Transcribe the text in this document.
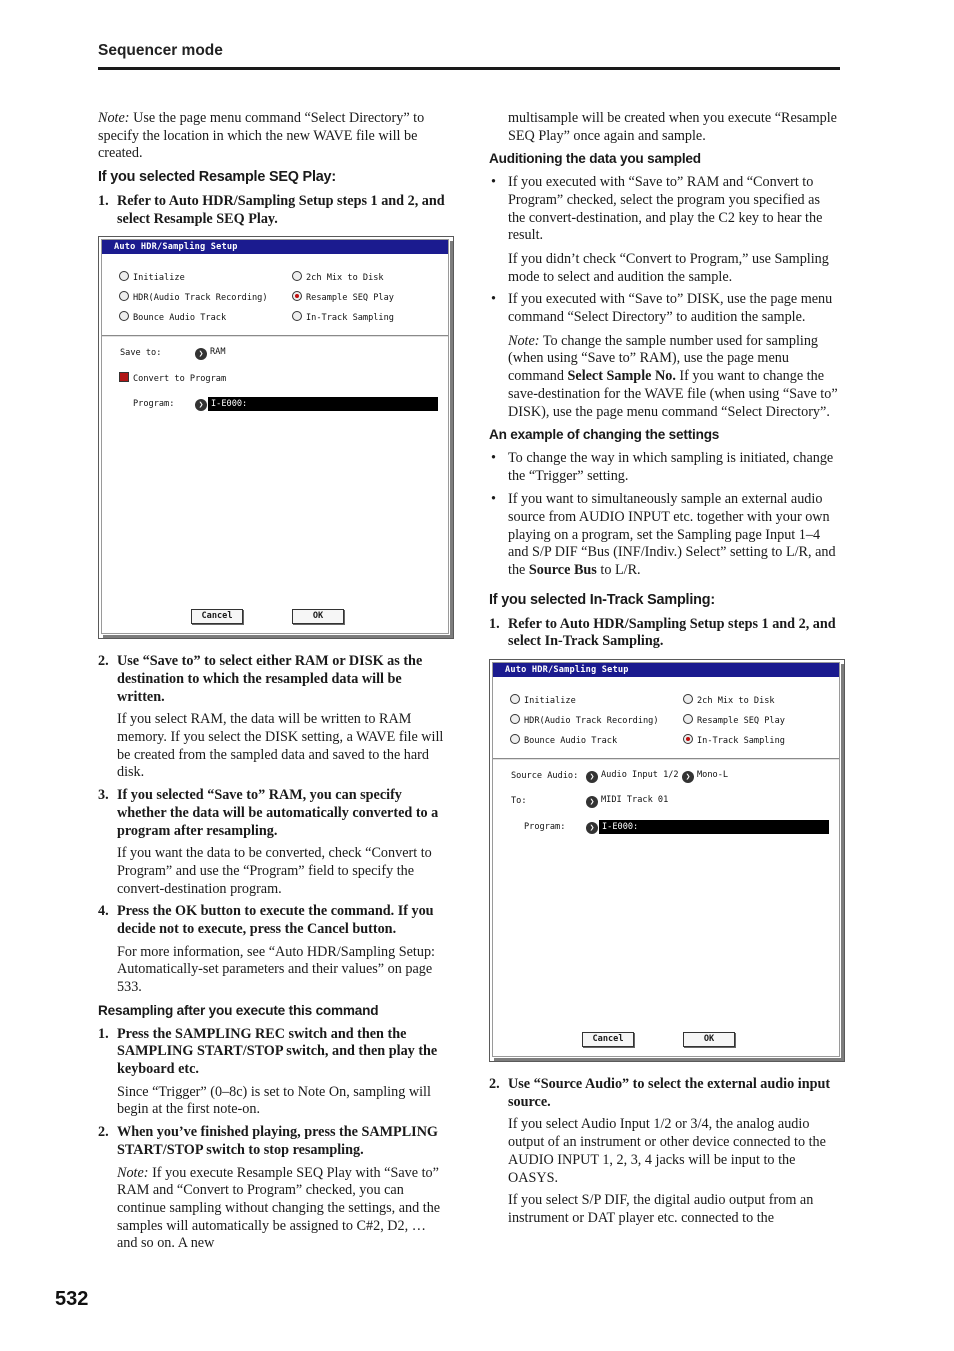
Sequencer mode

Note: Use the page menu command “Select Directory” to specify the location in which the new WAVE file will be created.

If you selected Resample SEQ Play:
1. Refer to Auto HDR/Sampling Setup steps 1 and 2, and select Resample SEQ Play.
Auto HDR/Sampling Setup
Initialize
HDR(Audio Track Recording)
Bounce Audio Track
2ch Mix to Disk
Resample SEQ Play
In-Track Sampling
Save to: ❯	RAM
Convert to Program
Program: ❯	I-E000:
Cancel	OK
2. Use “Save to” to select either RAM or DISK as the destination to which the resampled data will be written.

If you select RAM, the data will be written to RAM memory. If you select the DISK setting, a WAVE file will be created from the sampled data and saved to the hard disk.

3. If you selected “Save to” RAM, you can specify whether the data will be automatically converted to a program after resampling.

If you want the data to be converted, check “Convert to Program” and use the “Program” field to specify the convert-destination program.

4. Press the OK button to execute the command. If you decide not to execute, press the Cancel button.

For more information, see “Auto HDR/Sampling Setup: Automatically-set parameters and their values” on page 533.

Resampling after you execute this command
1. Press the SAMPLING REC switch and then the SAMPLING START/STOP switch, and then play the keyboard etc.

Since “Trigger” (0–8c) is set to Note On, sampling will begin at the first note-on.

2. When you’ve finished playing, press the SAMPLING START/STOP switch to stop resampling.

Note: If you execute Resample SEQ Play with “Save to” RAM and “Convert to Program” checked, you can continue sampling without changing the settings, and the samples will automatically be assigned to C#2, D2, … and so on. A new

multisample will be created when you execute “Resample SEQ Play” once again and sample.

Auditioning the data you sampled
• If you executed with “Save to” RAM and “Convert to Program” checked, select the program you specified as the convert-destination, and play the C2 key to hear the result.

If you didn’t check “Convert to Program,” use Sampling mode to select and audition the sample.

• If you executed with “Save to” DISK, use the page menu command “Select Directory” to audition the sample.

Note: To change the sample number used for sampling (when using “Save to” RAM), use the page menu command Select Sample No. If you want to change the save-destination for the WAVE file (when using “Save to” DISK), use the page menu command “Select Directory”.

An example of changing the settings
• To change the way in which sampling is initiated, change the “Trigger” setting.
• If you want to simultaneously sample an external audio source from AUDIO INPUT etc. together with your own playing on a program, set the Sampling page Input 1–4 and S/P DIF “Bus (INF/Indiv.) Select” setting to L/R, and the Source Bus to L/R.
If you selected In-Track Sampling:
1. Refer to Auto HDR/Sampling Setup steps 1 and 2, and select In-Track Sampling.
Auto HDR/Sampling Setup
Initialize
HDR(Audio Track Recording)
Bounce Audio Track
2ch Mix to Disk
Resample SEQ Play
In-Track Sampling
Source Audio: ❯	Audio Input 1/2 ❯	Mono-L
To: ❯	MIDI Track 01
Program: ❯	I-E000:
Cancel	OK
2. Use “Source Audio” to select the external audio input source.

If you select Audio Input 1/2 or 3/4, the analog audio output of an instrument or other device connected to the AUDIO INPUT 1, 2, 3, 4 jacks will be input to the OASYS.

If you select S/P DIF, the digital audio output from an instrument or DAT player etc. connected to the

532
